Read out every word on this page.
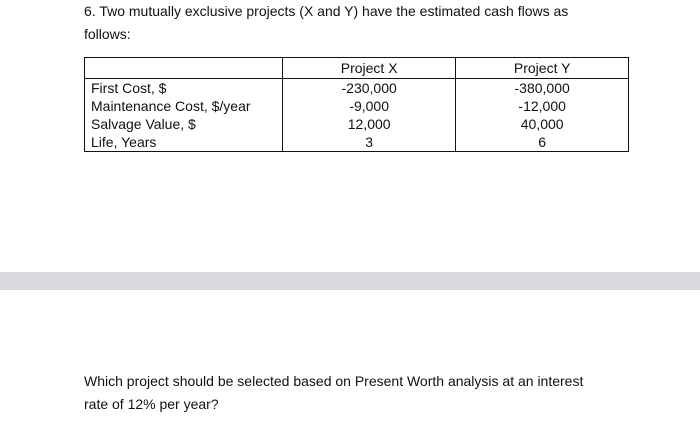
6. Two mutually exclusive projects (X and Y) have the estimated cash flows as
follows:
	Project X	Project Y
First Cost, $	-230,000	-380,000
Maintenance Cost, $/year	-9,000	-12,000
Salvage Value, $	12,000	40,000
Life, Years	3	6
Which project should be selected based on Present Worth analysis at an interest
rate of 12% per year?
